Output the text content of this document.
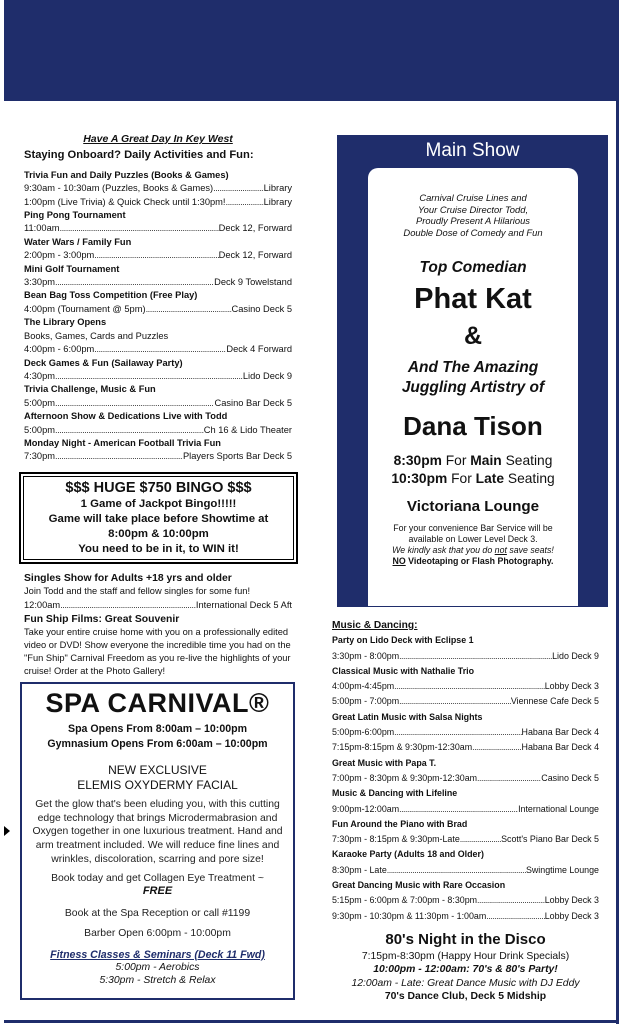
Have A Great Day In Key West
Staying Onboard? Daily Activities and Fun:
Trivia Fun and Daily Puzzles (Books & Games)
9:30am - 10:30am (Puzzles, Books & Games) .....	Library
1:00pm (Live Trivia) & Quick Check until 1:30pm! .....	Library
Ping Pong Tournament
11:00am .....	Deck 12, Forward
Water Wars / Family Fun
2:00pm - 3:00pm .....	Deck 12, Forward
Mini Golf Tournament
3:30pm .....	Deck 9 Towelstand
Bean Bag Toss Competition (Free Play)
4:00pm (Tournament @ 5pm) .....	Casino Deck 5
The Library Opens
Books, Games, Cards and Puzzles
4:00pm - 6:00pm .....	Deck 4 Forward
Deck Games & Fun (Sailaway Party)
4:30pm .....	Lido Deck 9
Trivia Challenge, Music & Fun
5:00pm .....	Casino Bar Deck 5
Afternoon Show & Dedications Live with Todd
5:00pm .....	Ch 16 & Lido Theater
Monday Night - American Football Trivia Fun
7:30pm .....	Players Sports Bar Deck 5
$$$ HUGE $750 BINGO $$$
1 Game of Jackpot Bingo!!!!!
Game will take place before Showtime at
8:00pm & 10:00pm
You need to be in it, to WIN it!
Singles Show for Adults +18 yrs and older
Join Todd and the staff and fellow singles for some fun!
12:00am .....	International Deck 5 Aft
Fun Ship Films: Great Souvenir
Take your entire cruise home with you on a professionally edited video or DVD! Show everyone the incredible time you had on the "Fun Ship" Carnival Freedom as you re-live the highlights of your cruise! Order at the Photo Gallery!
SPA CARNIVAL®
Spa Opens From 8:00am – 10:00pm
Gymnasium Opens From 6:00am – 10:00pm
NEW EXCLUSIVE
ELEMIS OXYDERMY FACIAL
Get the glow that's been eluding you, with this cutting edge technology that brings Microdermabrasion and Oxygen together in one luxurious treatment. Hand and arm treatment included. We will reduce fine lines and wrinkles, discoloration, scarring and pore size!
Book today and get Collagen Eye Treatment ~
FREE
Book at the Spa Reception or call #1199
Barber Open 6:00pm - 10:00pm
Fitness Classes & Seminars (Deck 11 Fwd)
5:00pm - Aerobics
5:30pm - Stretch & Relax
Main Show
Carnival Cruise Lines and
Your Cruise Director Todd,
Proudly Present A Hilarious
Double Dose of Comedy and Fun
Top Comedian
Phat Kat
&
And The Amazing
Juggling Artistry of
Dana Tison
8:30pm For Main Seating
10:30pm For Late Seating
Victoriana Lounge
For your convenience Bar Service will be
available on Lower Level Deck 3.
We kindly ask that you do not save seats!
NO Videotaping or Flash Photography.
Music & Dancing:
Party on Lido Deck with Eclipse 1
3:30pm - 8:00pm .....	Lido Deck 9
Classical Music with Nathalie Trio
4:00pm-4:45pm .....	Lobby Deck 3
5:00pm - 7:00pm .....	Viennese Cafe Deck 5
Great Latin Music with Salsa Nights
5:00pm-6:00pm .....	Habana Bar Deck 4
7:15pm-8:15pm & 9:30pm-12:30am .....	Habana Bar Deck 4
Great Music with Papa T.
7:00pm - 8:30pm & 9:30pm-12:30am .....	Casino Deck 5
Music & Dancing with Lifeline
9:00pm-12:00am .....	International Lounge
Fun Around the Piano with Brad
7:30pm - 8:15pm & 9:30pm-Late .....	Scott's Piano Bar Deck 5
Karaoke Party (Adults 18 and Older)
8:30pm - Late .....	Swingtime Lounge
Great Dancing Music with Rare Occasion
5:15pm - 6:00pm & 7:00pm - 8:30pm .....	Lobby Deck 3
9:30pm - 10:30pm & 11:30pm - 1:00am .....	Lobby Deck 3
80's Night in the Disco
7:15pm-8:30pm (Happy Hour Drink Specials)
10:00pm - 12:00am: 70's & 80's Party!
12:00am - Late: Great Dance Music with DJ Eddy
70's Dance Club, Deck 5 Midship
